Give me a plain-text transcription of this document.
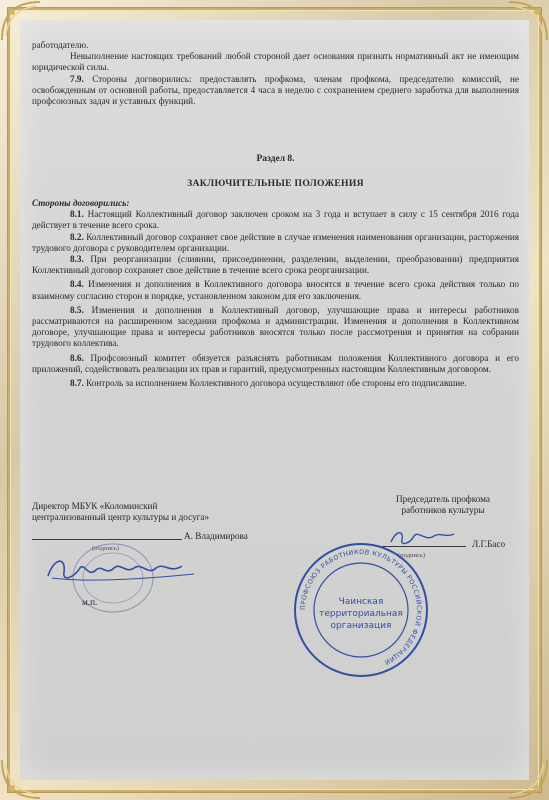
работодателю.

Невыполнение настоящих требований любой стороной дает основания признать нормативный акт не имеющим юридической силы.

7.9. Стороны договорились: предоставлять профкома, членам профкома, председателю комиссий, не освобожденным от основной работы, предоставляется 4 часа в неделю с сохранением среднего заработка для выполнения профсоюзных задач и уставных функций.

Раздел 8.
ЗАКЛЮЧИТЕЛЬНЫЕ ПОЛОЖЕНИЯ

Стороны договорились:

8.1. Настоящий Коллективный договор заключен сроком на 3 года и вступает в силу с 15 сентября 2016 года действует в течение всего срока.

8.2. Коллективный договор сохраняет свое действие в случае изменения наименования организации, расторжения трудового договора с руководителем организации.

8.3. При реорганизации (слиянии, присоединении, разделении, выделении, преобразовании) предприятия Коллективный договор сохраняет свое действие в течение всего срока реорганизации.

8.4. Изменения и дополнения в Коллективного договора вносятся в течение всего срока действия только по взаимному согласию сторон в порядке, установленном законом для его заключения.

8.5. Изменения и дополнения в Коллективный договор, улучшающие права и интересы работников рассматриваются на расширенном заседании профкома и администрации. Изменения и дополнения в Коллективном договоре, улучшающие права и интересы работников вносятся только после рассмотрения и принятия на собрании трудового коллектива.

8.6. Профсоюзный комитет обязуется разъяснять работникам положения Коллективного договора и его приложений, содействовать реализации их прав и гарантий, предусмотренных настоящим Коллективным договором.

8.7. Контроль за исполнением Коллективного договора осуществляют обе стороны его подписавшие.

Директор МБУК «Коломинский
централизованный центр культуры и досуга»
А. Владимирова
(подпись)
м.п.
Председатель профкома
работников культуры
Л.Г.Басо
(подпись)
ПРОФСОЮЗ РАБОТНИКОВ КУЛЬТУРЫ РОССИЙСКОЙ ФЕДЕРАЦИИ
Чаинская
территориальная
организация
